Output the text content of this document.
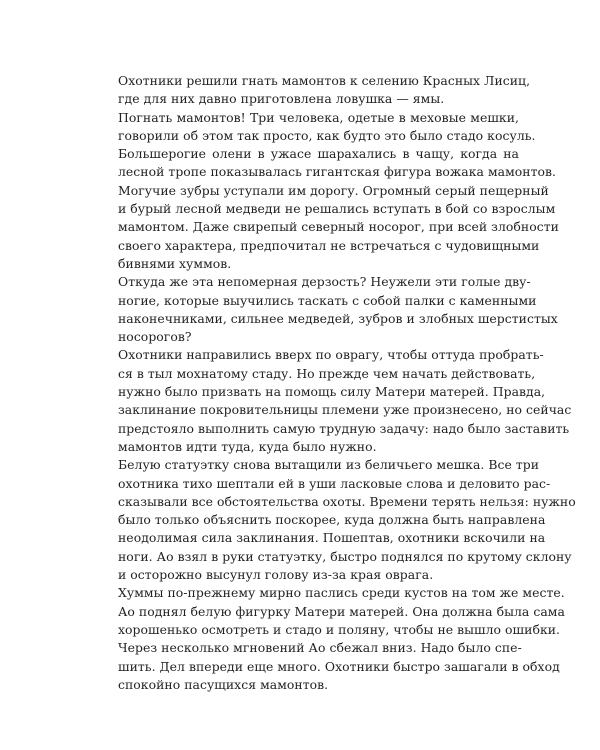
Охотники решили гнать мамонтов к селению Красных Лисиц,
где для них давно приготовлена ловушка — ямы.
Погнать мамонтов! Три человека, одетые в меховые мешки,
говорили об этом так просто, как будто это было стадо косуль.
Большерогие олени в ужасе шарахались в чащу, когда на
лесной тропе показывалась гигантская фигура вожака мамонтов.
Могучие зубры уступали им дорогу. Огромный серый пещерный
и бурый лесной медведи не решались вступать в бой со взрослым
мамонтом. Даже свирепый северный носорог, при всей злобности
своего характера, предпочитал не встречаться с чудовищными
бивнями хуммов.
Откуда же эта непомерная дерзость? Неужели эти голые дву-
ногие, которые выучились таскать с собой палки с каменными
наконечниками, сильнее медведей, зубров и злобных шерстистых
носорогов?
Охотники направились вверх по оврагу, чтобы оттуда пробрать-
ся в тыл мохнатому стаду. Но прежде чем начать действовать,
нужно было призвать на помощь силу Матери матерей. Правда,
заклинание покровительницы племени уже произнесено, но сейчас
предстояло выполнить самую трудную задачу: надо было заставить
мамонтов идти туда, куда было нужно.
Белую статуэтку снова вытащили из беличьего мешка. Все три
охотника тихо шептали ей в уши ласковые слова и деловито рас-
сказывали все обстоятельства охоты. Времени терять нельзя: нужно
было только объяснить поскорее, куда должна быть направлена
неодолимая сила заклинания. Пошептав, охотники вскочили на
ноги. Ао взял в руки статуэтку, быстро поднялся по крутому склону
и осторожно высунул голову из-за края оврага.
Хуммы по-прежнему мирно паслись среди кустов на том же месте.
Ао поднял белую фигурку Матери матерей. Она должна была сама
хорошенько осмотреть и стадо и поляну, чтобы не вышло ошибки.
Через несколько мгновений Ао сбежал вниз. Надо было спе-
шить. Дел впереди еще много. Охотники быстро зашагали в обход
спокойно пасущихся мамонтов.
